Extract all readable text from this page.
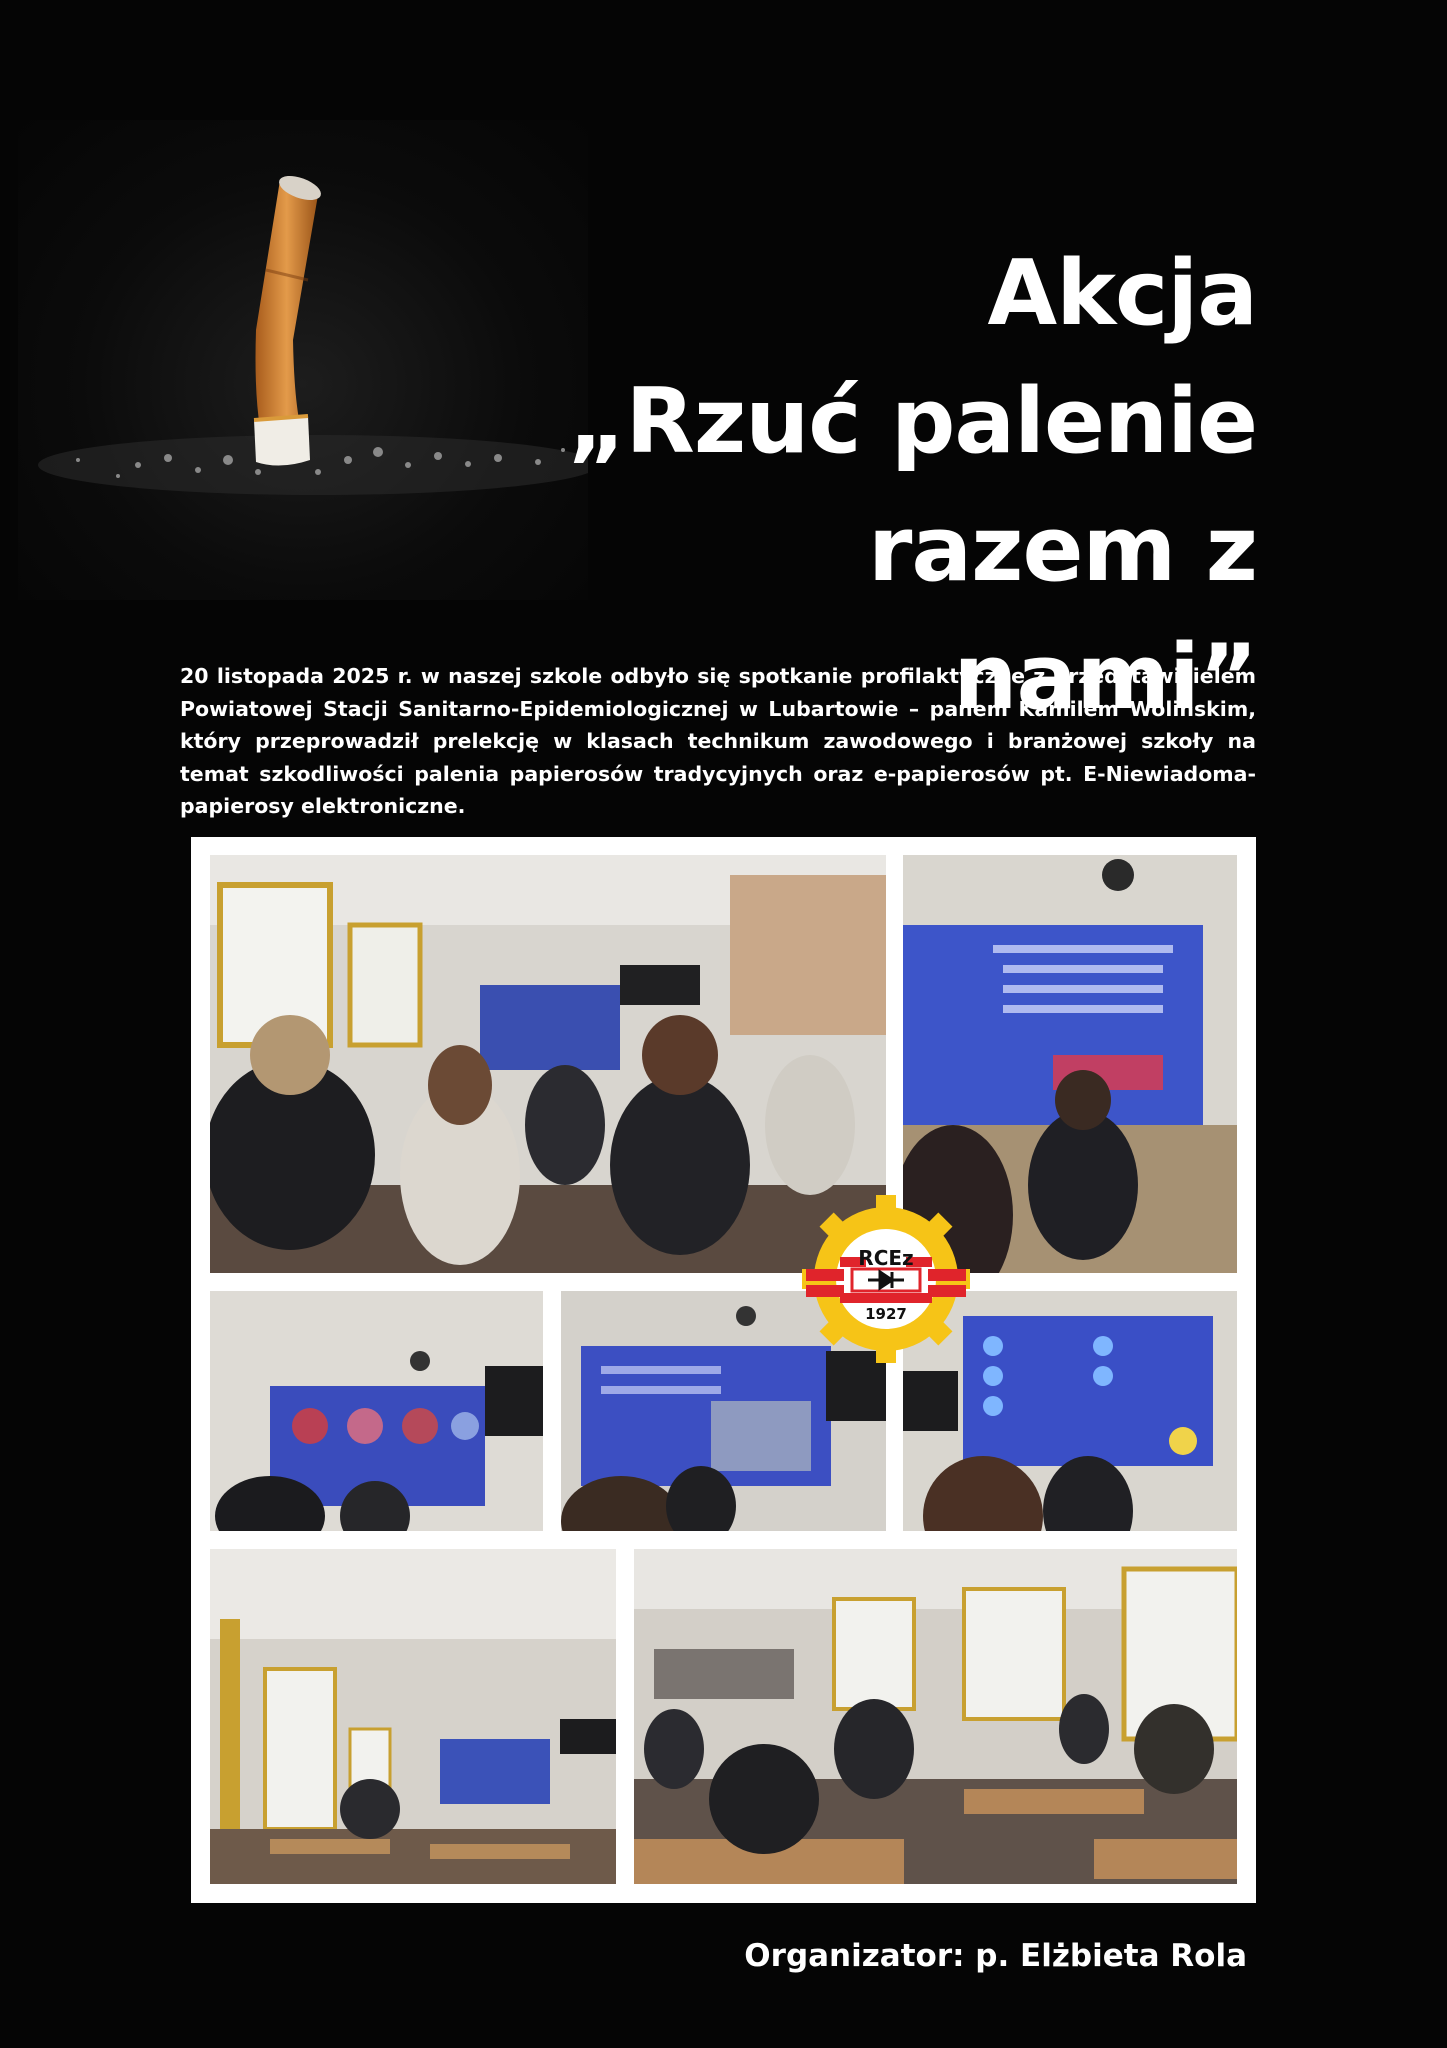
Akcja
„Rzuć palenie
razem z nami”
20 listopada 2025 r. w naszej szkole odbyło się spotkanie profilaktyczne z przedstawicielem Powiatowej Stacji Sanitarno-Epidemiologicznej w Lubartowie – panem Kamilem Wolińskim, który przeprowadził prelekcję w klasach technikum zawodowego i branżowej szkoły na temat szkodliwości palenia papierosów tradycyjnych oraz e-papierosów pt. E-Niewiadoma- papierosy elektroniczne.
RCEz
1927
Organizator: p. Elżbieta Rola
